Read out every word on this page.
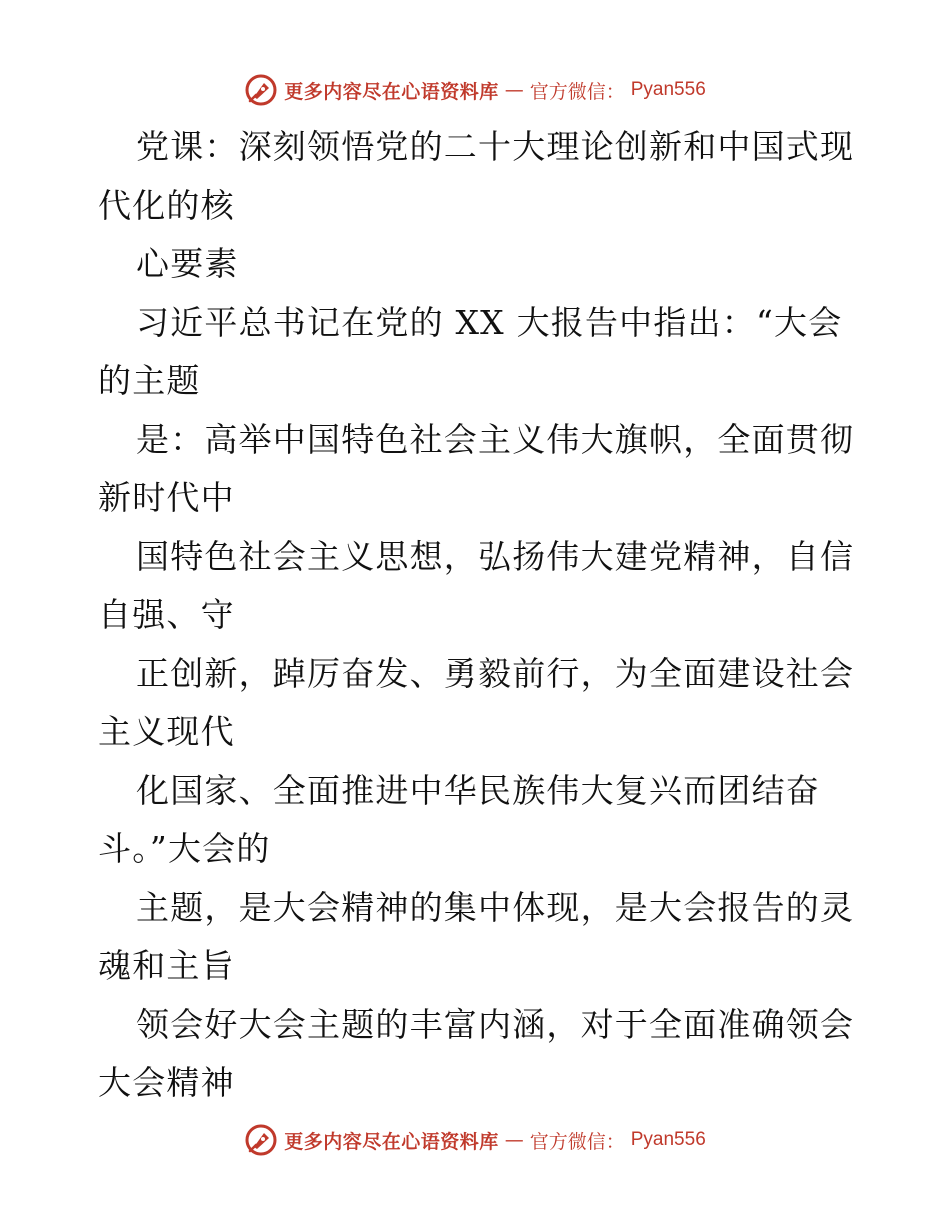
更多内容尽在心语资料库 — 官方微信： Pyan556
党课：深刻领悟党的二十大理论创新和中国式现
代化的核
心要素
习近平总书记在党的 XX 大报告中指出：“大会
的主题
是：高举中国特色社会主义伟大旗帜，全面贯彻
新时代中
国特色社会主义思想，弘扬伟大建党精神，自信
自强、守
正创新，踔厉奋发、勇毅前行，为全面建设社会
主义现代
化国家、全面推进中华民族伟大复兴而团结奋
斗。”大会的
主题，是大会精神的集中体现，是大会报告的灵
魂和主旨
领会好大会主题的丰富内涵，对于全面准确领会
大会精神
更多内容尽在心语资料库 — 官方微信： Pyan556
